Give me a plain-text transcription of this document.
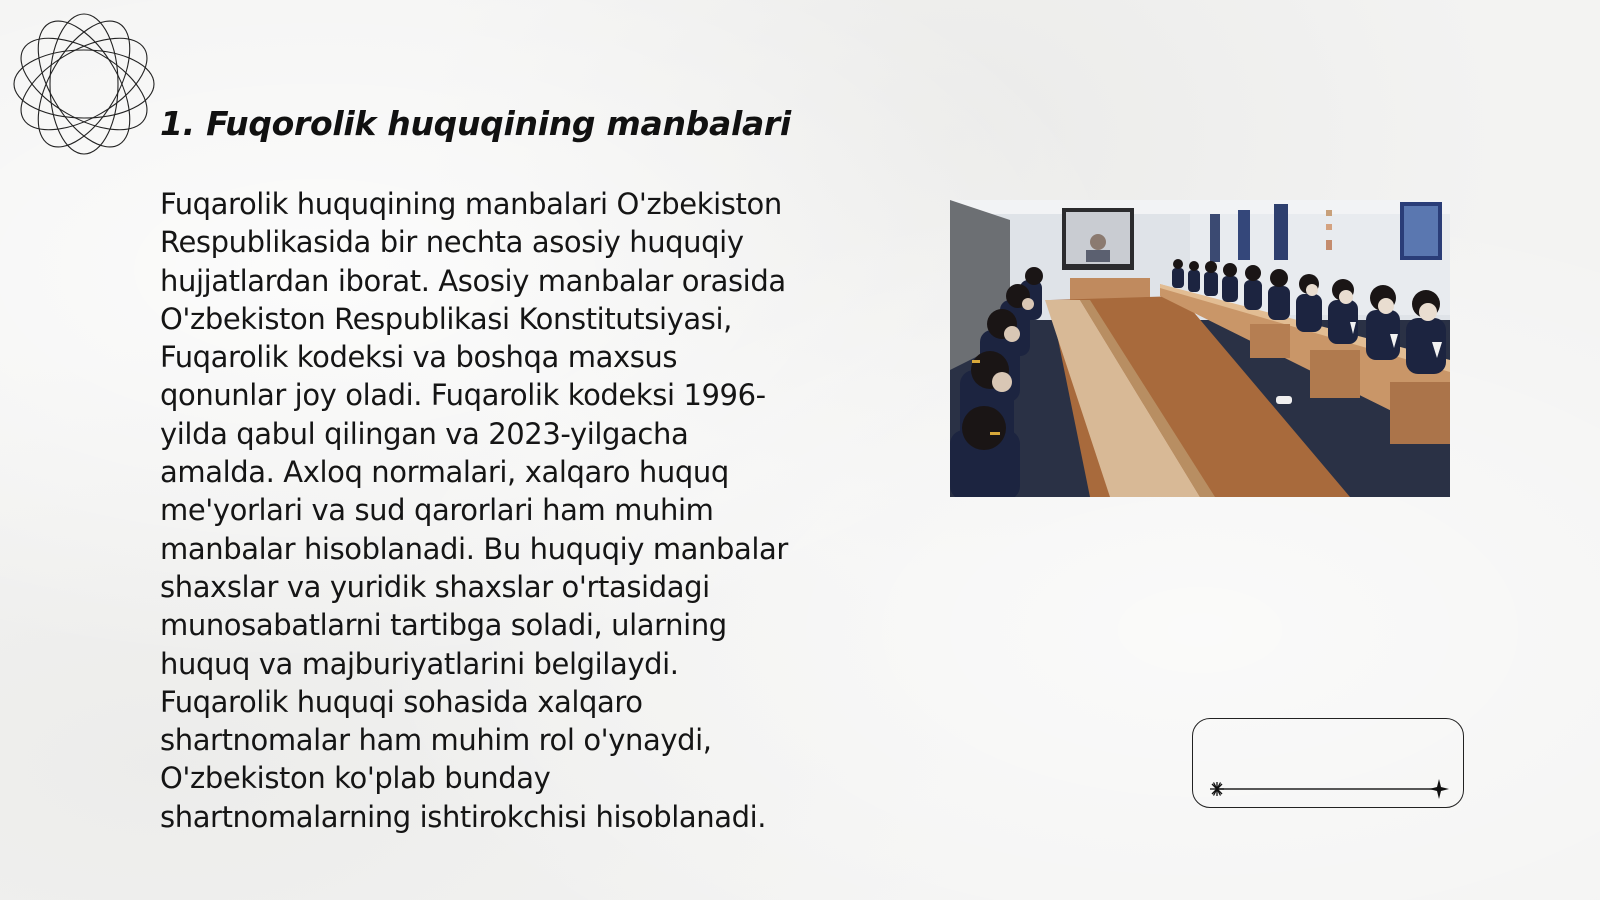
1. Fuqorolik huquqining manbalari

Fuqarolik huquqining manbalari O'zbekiston
Respublikasida bir nechta asosiy huquqiy
hujjatlardan iborat. Asosiy manbalar orasida
O'zbekiston Respublikasi Konstitutsiyasi,
Fuqarolik kodeksi va boshqa maxsus
qonunlar joy oladi. Fuqarolik kodeksi 1996-
yilda qabul qilingan va 2023-yilgacha
amalda. Axloq normalari, xalqaro huquq
me'yorlari va sud qarorlari ham muhim
manbalar hisoblanadi. Bu huquqiy manbalar
shaxslar va yuridik shaxslar o'rtasidagi
munosabatlarni tartibga soladi, ularning
huquq va majburiyatlarini belgilaydi.
Fuqarolik huquqi sohasida xalqaro
shartnomalar ham muhim rol o'ynaydi,
O'zbekiston ko'plab bunday
shartnomalarning ishtirokchisi hisoblanadi.
